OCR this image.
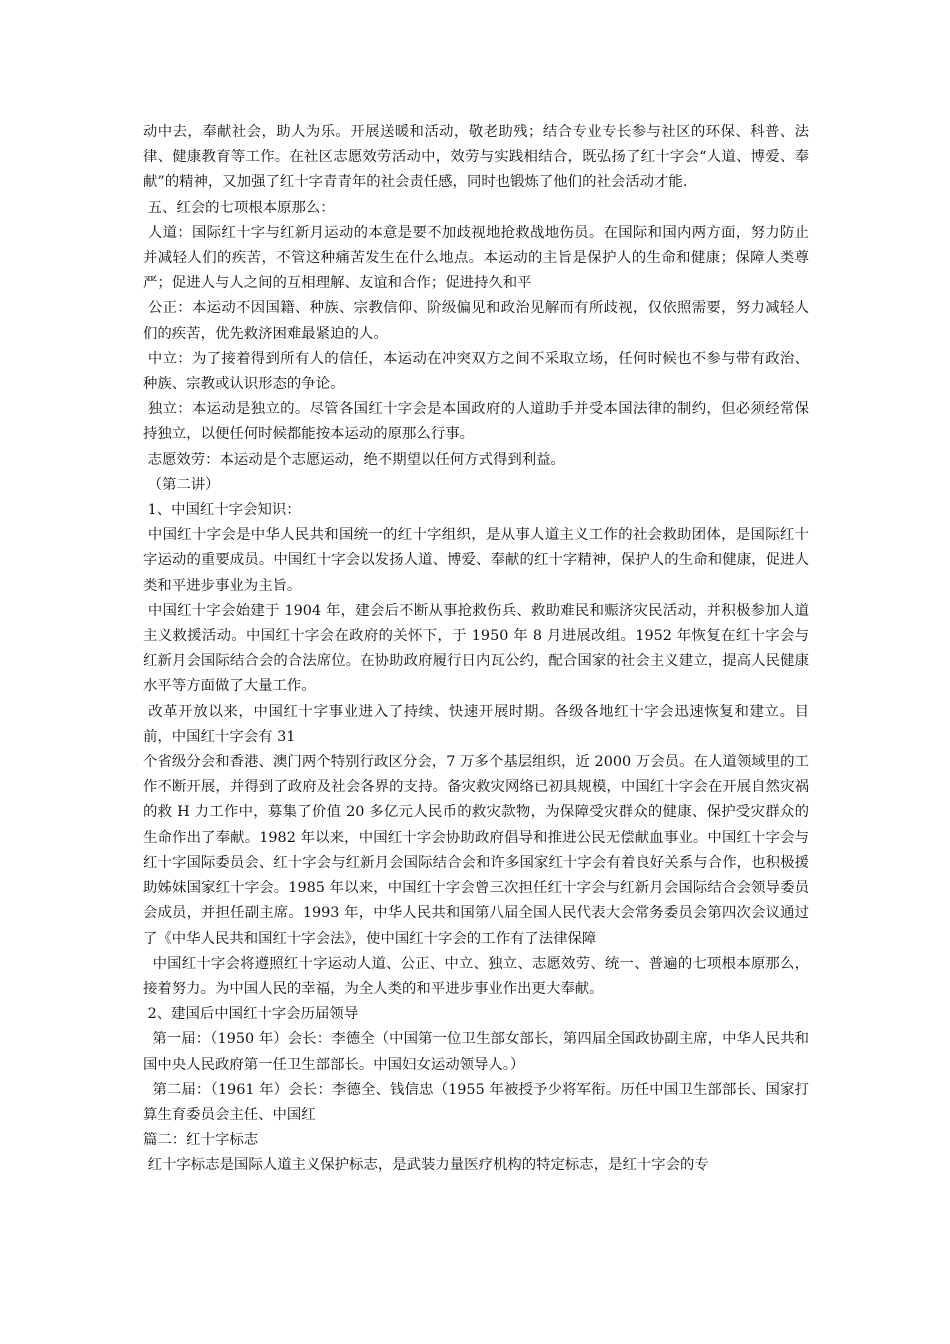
动中去，奉献社会，助人为乐。开展送暖和活动，敬老助残；结合专业专长参与社区的环保、科普、法律、健康教育等工作。在社区志愿效劳活动中，效劳与实践相结合，既弘扬了红十字会“人道、博爱、奉献”的精神，又加强了红十字青青年的社会责任感，同时也锻炼了他们的社会活动才能.

五、红会的七项根本原那么：

人道：国际红十字与红新月运动的本意是要不加歧视地抢救战地伤员。在国际和国内两方面，努力防止并减轻人们的疾苦，不管这种痛苦发生在什么地点。本运动的主旨是保护人的生命和健康；保障人类尊严；促进人与人之间的互相理解、友谊和合作；促进持久和平

公正：本运动不因国籍、种族、宗教信仰、阶级偏见和政治见解而有所歧视，仅依照需要，努力减轻人们的疾苦，优先救济困难最紧迫的人。

中立：为了接着得到所有人的信任，本运动在冲突双方之间不采取立场，任何时候也不参与带有政治、种族、宗教或认识形态的争论。

独立：本运动是独立的。尽管各国红十字会是本国政府的人道助手并受本国法律的制约，但必须经常保持独立，以便任何时候都能按本运动的原那么行事。

志愿效劳：本运动是个志愿运动，绝不期望以任何方式得到利益。

（第二讲）

1、中国红十字会知识：

中国红十字会是中华人民共和国统一的红十字组织，是从事人道主义工作的社会救助团体，是国际红十字运动的重要成员。中国红十字会以发扬人道、博爱、奉献的红十字精神，保护人的生命和健康，促进人类和平进步事业为主旨。

中国红十字会始建于 1904 年，建会后不断从事抢救伤兵、救助难民和赈济灾民活动，并积极参加人道主义救援活动。中国红十字会在政府的关怀下，于 1950 年 8 月进展改组。1952 年恢复在红十字会与红新月会国际结合会的合法席位。在协助政府履行日内瓦公约，配合国家的社会主义建立，提高人民健康水平等方面做了大量工作。

改革开放以来，中国红十字事业进入了持续、快速开展时期。各级各地红十字会迅速恢复和建立。目前，中国红十字会有 31

个省级分会和香港、澳门两个特别行政区分会，7 万多个基层组织，近 2000 万会员。在人道领域里的工作不断开展，并得到了政府及社会各界的支持。备灾救灾网络已初具规模，中国红十字会在开展自然灾祸的救 H 力工作中，募集了价值 20 多亿元人民币的救灾款物，为保障受灾群众的健康、保护受灾群众的生命作出了奉献。1982 年以来，中国红十字会协助政府倡导和推进公民无偿献血事业。中国红十字会与红十字国际委员会、红十字会与红新月会国际结合会和许多国家红十字会有着良好关系与合作，也积极援助姊妹国家红十字会。1985 年以来，中国红十字会曾三次担任红十字会与红新月会国际结合会领导委员会成员，并担任副主席。1993 年，中华人民共和国第八届全国人民代表大会常务委员会第四次会议通过了《中华人民共和国红十字会法》，使中国红十字会的工作有了法律保障

中国红十字会将遵照红十字运动人道、公正、中立、独立、志愿效劳、统一、普遍的七项根本原那么，接着努力。为中国人民的幸福，为全人类的和平进步事业作出更大奉献。

2、建国后中国红十字会历届领导

第一届：（1950 年）会长：李德全（中国第一位卫生部女部长，第四届全国政协副主席，中华人民共和国中央人民政府第一任卫生部部长。中国妇女运动领导人。）

第二届：（1961 年）会长：李德全、钱信忠（1955 年被授予少将军衔。历任中国卫生部部长、国家打算生育委员会主任、中国红

篇二：红十字标志

红十字标志是国际人道主义保护标志，是武装力量医疗机构的特定标志，是红十字会的专
